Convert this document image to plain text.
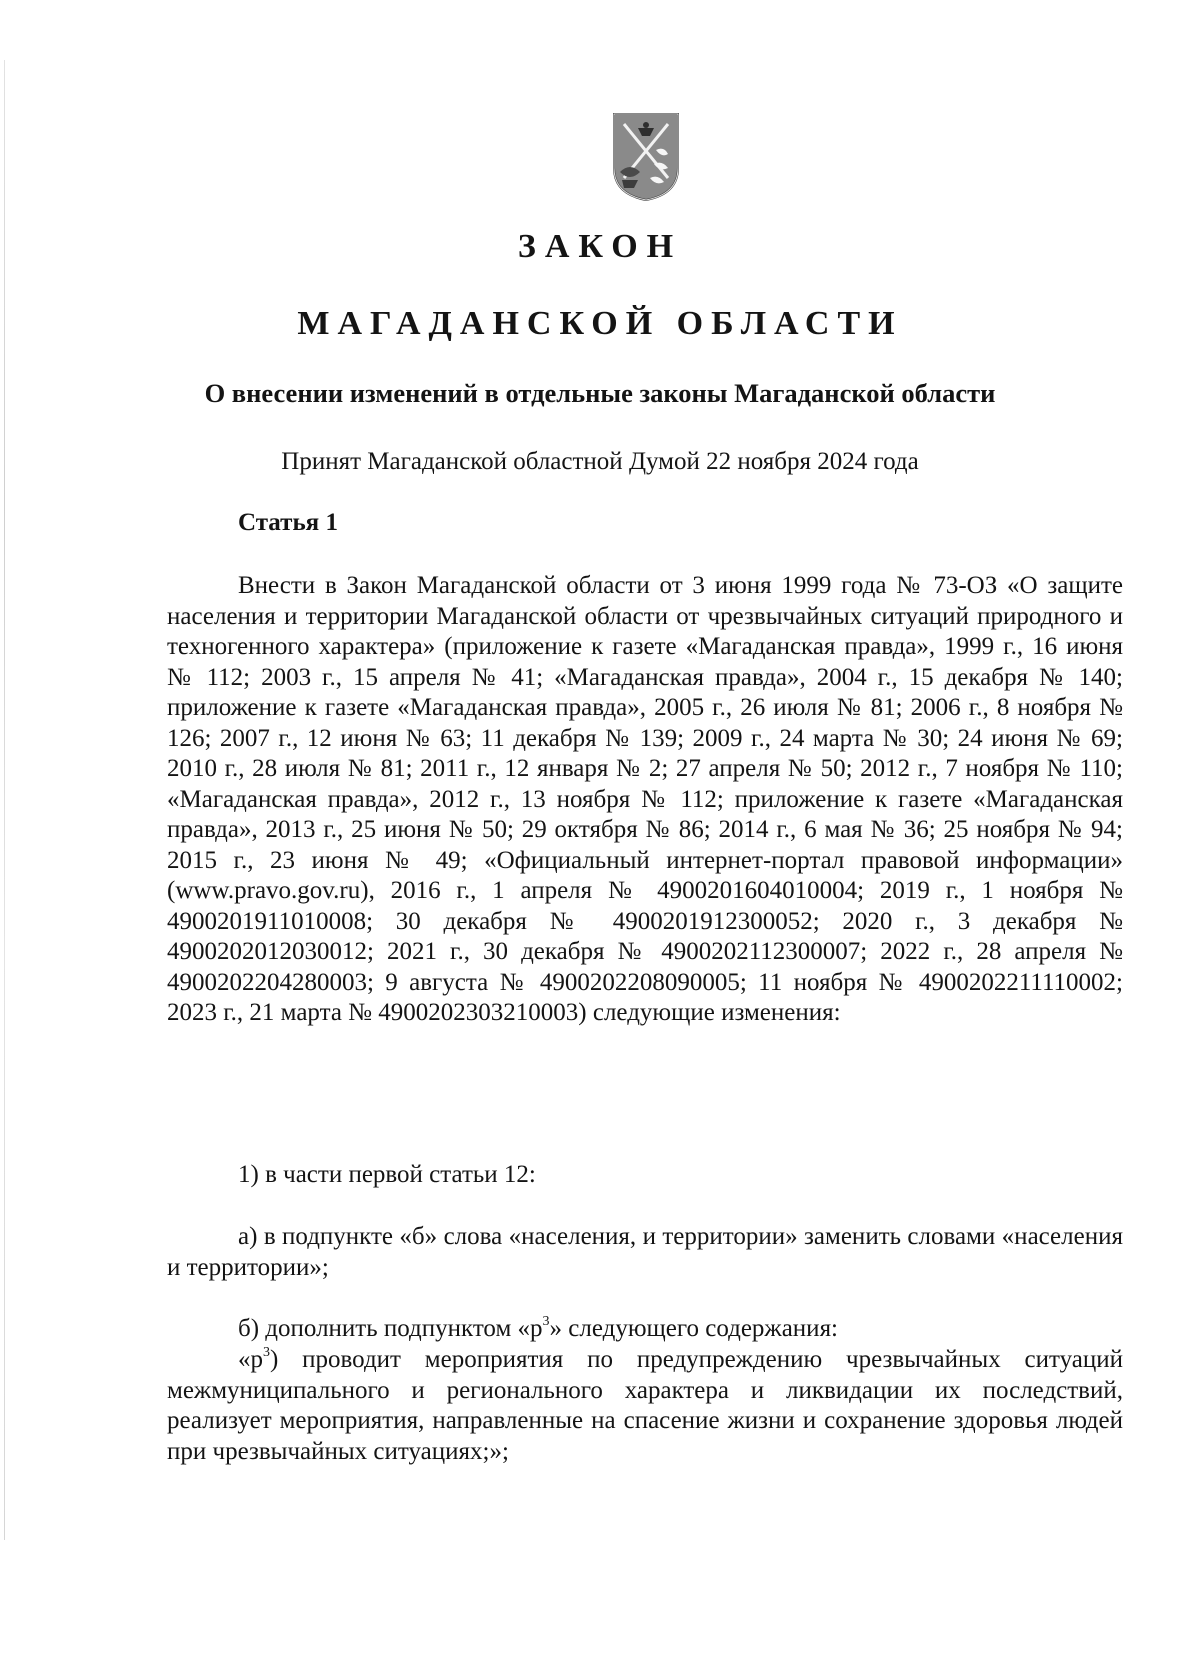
ЗАКОН
МАГАДАНСКОЙ ОБЛАСТИ
О внесении изменений в отдельные законы Магаданской области

Принят Магаданской областной Думой 22 ноября 2024 года

Статья 1

Внести в Закон Магаданской области от 3 июня 1999 года № 73-ОЗ «О защите населения и территории Магаданской области от чрезвычайных ситуаций природного и техногенного характера» (приложение к газете «Магаданская правда», 1999 г., 16 июня № 112; 2003 г., 15 апреля № 41; «Магаданская правда», 2004 г., 15 декабря № 140; приложение к газете «Магаданская правда», 2005 г., 26 июля № 81; 2006 г., 8 ноября № 126; 2007 г., 12 июня № 63; 11 декабря № 139; 2009 г., 24 марта № 30; 24 июня № 69; 2010 г., 28 июля № 81; 2011 г., 12 января № 2; 27 апреля № 50; 2012 г., 7 ноября № 110; «Магаданская правда», 2012 г., 13 ноября № 112; приложение к газете «Магаданская правда», 2013 г., 25 июня № 50; 29 октября № 86; 2014 г., 6 мая № 36; 25 ноября № 94; 2015 г., 23 июня № 49; «Официальный интернет-портал правовой информации» (www.pravo.gov.ru), 2016 г., 1 апреля № 4900201604010004; 2019 г., 1 ноября № 4900201911010008; 30 декабря № 4900201912300052; 2020 г., 3 декабря № 4900202012030012; 2021 г., 30 декабря № 4900202112300007; 2022 г., 28 апреля № 4900202204280003; 9 августа № 4900202208090005; 11 ноября № 4900202211110002; 2023 г., 21 марта № 4900202303210003) следующие изменения:

1) в части первой статьи 12:

а) в подпункте «б» слова «населения, и территории» заменить словами «населения и территории»;

б) дополнить подпунктом «$р^3$» следующего содержания:

«$р^3$) проводит мероприятия по предупреждению чрезвычайных ситуаций межмуниципального и регионального характера и ликвидации их последствий, реализует мероприятия, направленные на спасение жизни и сохранение здоровья людей при чрезвычайных ситуациях;»;
